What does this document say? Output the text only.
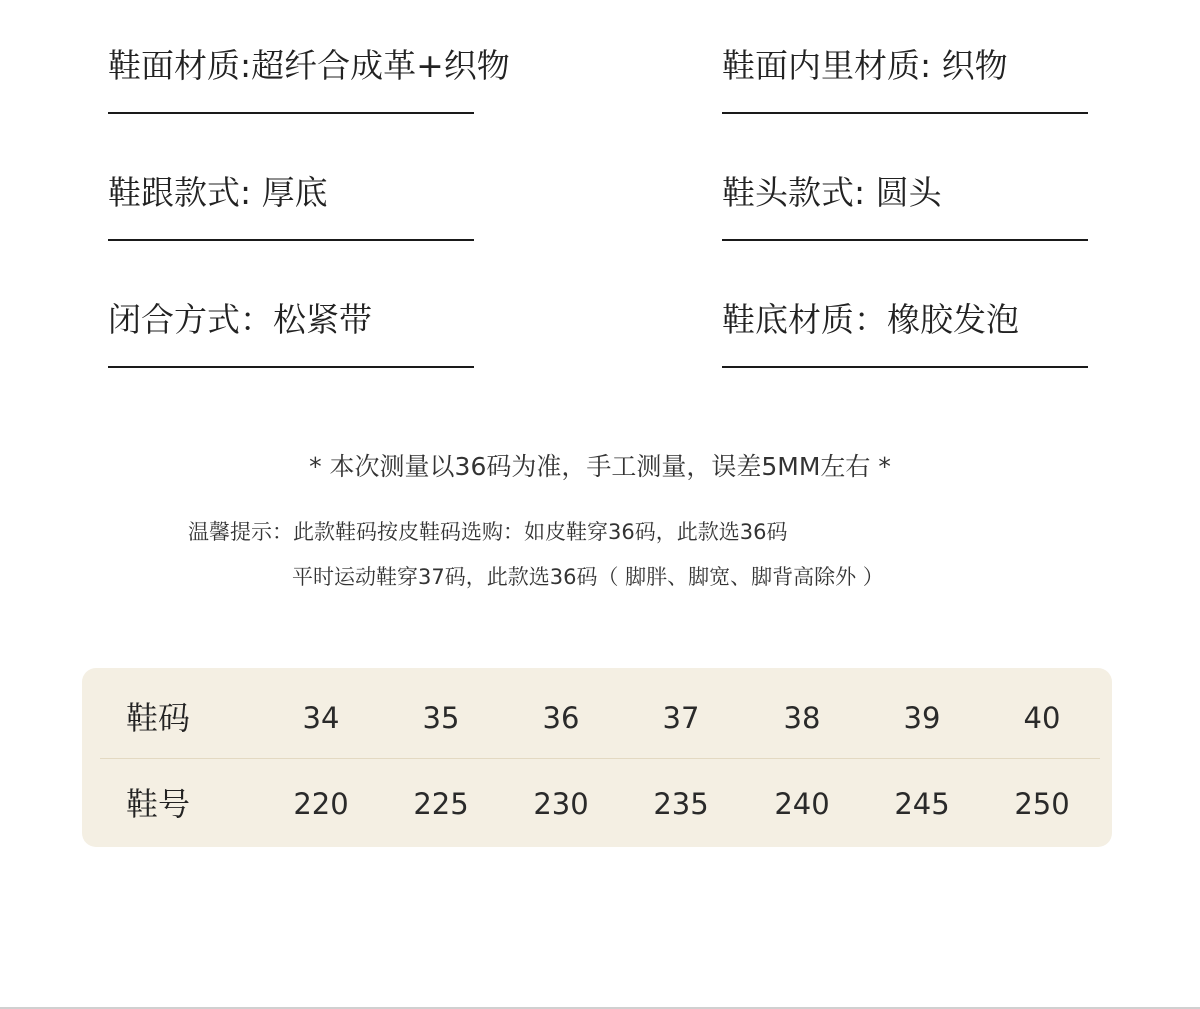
鞋面材质:超纤合成革+织物	鞋面内里材质: 织物
鞋跟款式: 厚底	鞋头款式: 圆头
闭合方式：松紧带	鞋底材质：橡胶发泡
* 本次测量以36码为准，手工测量，误差5MM左右 *
温馨提示：此款鞋码按皮鞋码选购：如皮鞋穿36码，此款选36码
平时运动鞋穿37码，此款选36码（ 脚胖、脚宽、脚背高除外 ）
鞋码	34	35	36	37	38	39	40
鞋号	220	225	230	235	240	245	250
